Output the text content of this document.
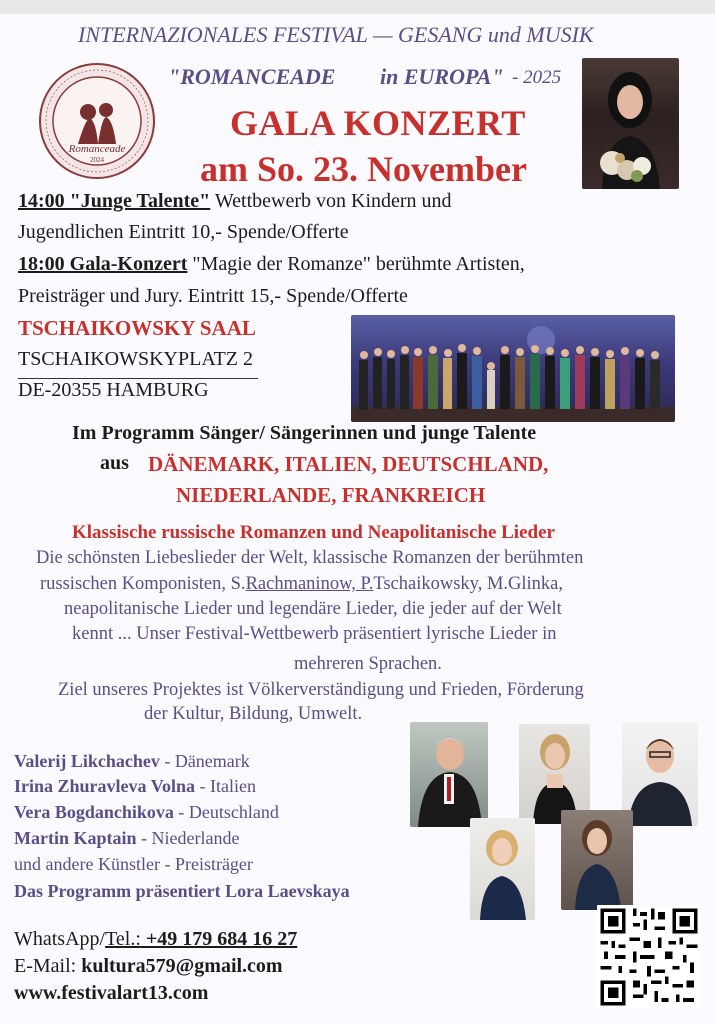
INTERNAZIONALES FESTIVAL — GESANG und MUSIK
"ROMANCEADE in EUROPA" - 2025
GALA KONZERT
am So. 23. November
Romanceade
2024
14:00 "Junge Talente" Wettbewerb von Kindern und
Jugendlichen Eintritt 10,- Spende/Offerte
18:00 Gala-Konzert "Magie der Romanze" berühmte Artisten,
Preisträger und Jury. Eintritt 15,- Spende/Offerte
TSCHAIKOWSKY SAAL
TSCHAIKOWSKYPLATZ 2
DE-20355 HAMBURG
Im Programm Sänger/ Sängerinnen und junge Talente
aus DÄNEMARK, ITALIEN, DEUTSCHLAND,
NIEDERLANDE, FRANKREICH
Klassische russische Romanzen und Neapolitanische Lieder
Die schönsten Liebeslieder der Welt, klassische Romanzen der berühmten
russischen Komponisten, S.Rachmaninow, P.Tschaikowsky, M.Glinka,
neapolitanische Lieder und legendäre Lieder, die jeder auf der Welt
kennt ... Unser Festival-Wettbewerb präsentiert lyrische Lieder in
mehreren Sprachen.
Ziel unseres Projektes ist Völkerverständigung und Frieden, Förderung
der Kultur, Bildung, Umwelt.
Valerij Likchachev - Dänemark
Irina Zhuravleva Volna - Italien
Vera Bogdanchikova - Deutschland
Martin Kaptain - Niederlande
und andere Künstler - Preisträger
Das Programm präsentiert Lora Laevskaya
WhatsApp/Tel.: +49 179 684 16 27
E-Mail: kultura579@gmail.com
www.festivalart13.com
